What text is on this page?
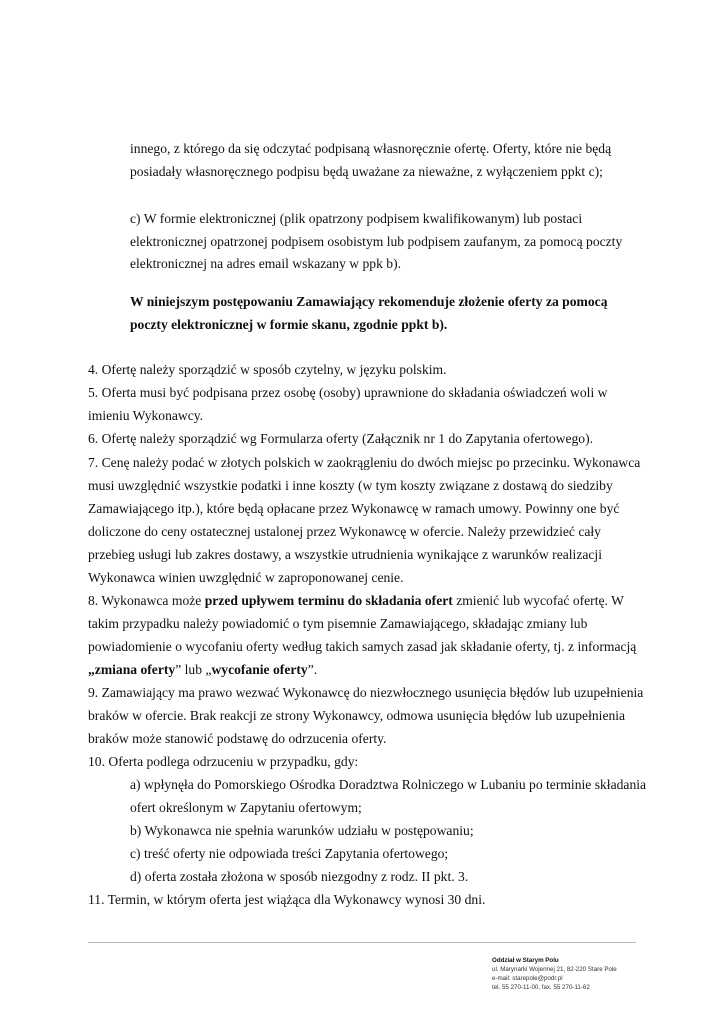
innego, z którego da się odczytać podpisaną własnoręcznie ofertę. Oferty, które nie będą
posiadały własnoręcznego podpisu będą uważane za nieważne, z wyłączeniem ppkt c);
c) W formie elektronicznej (plik opatrzony podpisem kwalifikowanym) lub postaci
elektronicznej opatrzonej podpisem osobistym lub podpisem zaufanym, za pomocą poczty
elektronicznej na adres email wskazany w ppk b).
W niniejszym postępowaniu Zamawiający rekomenduje złożenie oferty za pomocą
poczty elektronicznej w formie skanu, zgodnie ppkt b).
4. Ofertę należy sporządzić w sposób czytelny, w języku polskim.
5. Oferta musi być podpisana przez osobę (osoby) uprawnione do składania oświadczeń woli w
imieniu Wykonawcy.
6. Ofertę należy sporządzić wg Formularza oferty (Załącznik nr 1 do Zapytania ofertowego).
7. Cenę należy podać w złotych polskich w zaokrągleniu do dwóch miejsc po przecinku. Wykonawca
musi uwzględnić wszystkie podatki i inne koszty (w tym koszty związane z dostawą do siedziby
Zamawiającego itp.), które będą opłacane przez Wykonawcę w ramach umowy. Powinny one być
doliczone do ceny ostatecznej ustalonej przez Wykonawcę w ofercie. Należy przewidzieć cały
przebieg usługi lub zakres dostawy, a wszystkie utrudnienia wynikające z warunków realizacji
Wykonawca winien uwzględnić w zaproponowanej cenie.
8. Wykonawca może przed upływem terminu do składania ofert zmienić lub wycofać ofertę. W
takim przypadku należy powiadomić o tym pisemnie Zamawiającego, składając zmiany lub
powiadomienie o wycofaniu oferty według takich samych zasad jak składanie oferty, tj. z informacją
„zmiana oferty” lub „wycofanie oferty”.
9. Zamawiający ma prawo wezwać Wykonawcę do niezwłocznego usunięcia błędów lub uzupełnienia
braków w ofercie. Brak reakcji ze strony Wykonawcy, odmowa usunięcia błędów lub uzupełnienia
braków może stanowić podstawę do odrzucenia oferty.
10. Oferta podlega odrzuceniu w przypadku, gdy:
a) wpłynęła do Pomorskiego Ośrodka Doradztwa Rolniczego w Lubaniu po terminie składania
ofert określonym w Zapytaniu ofertowym;
b) Wykonawca nie spełnia warunków udziału w postępowaniu;
c) treść oferty nie odpowiada treści Zapytania ofertowego;
d) oferta została złożona w sposób niezgodny z rodz. II pkt. 3.
11. Termin, w którym oferta jest wiążąca dla Wykonawcy wynosi 30 dni.
Oddział w Starym Polu
ul. Marynarki Wojennej 21, 82-220 Stare Pole
e-mail: starepole@podr.pl
tel. 55 270-11-00, fax. 55 270-11-62
